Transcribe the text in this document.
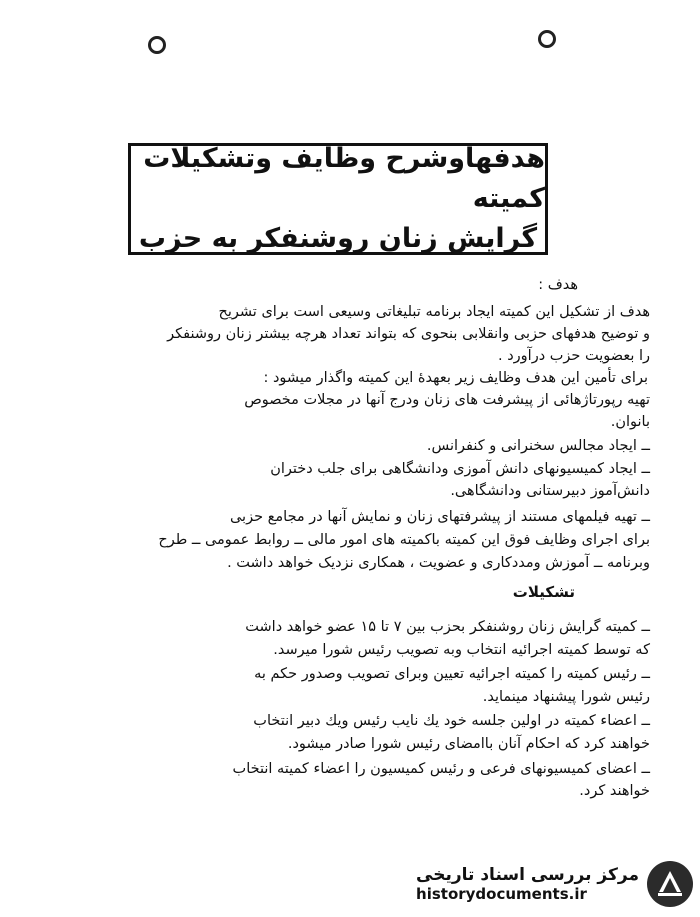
هدفهاوشرح وظایف وتشکیلات کمیته
گرایش زنان روشنفکر به حزب
هدف :
هدف از تشکیل این کمیته ایجاد برنامه تبلیغاتی وسیعی است برای تشریح
و توضیح هدفهای حزبی وانقلابی بنحوی که بتواند تعداد هرچه بیشتر زنان روشنفکر
را بعضویت حزب درآورد .
برای تأمین این هدف وظایف زیر بعهدهٔ این کمیته واگذار میشود :
تهیه رپورتاژهائی از پیشرفت های زنان ودرج آنها در مجلات مخصوص
بانوان.
ــ ایجاد مجالس سخنرانی و کنفرانس.
ــ ایجاد کمیسیونهای دانش آموزی ودانشگاهی برای جلب دختران
دانش‌آموز دبیرستانی ودانشگاهی.
ــ تهیه فیلمهای مستند از پیشرفتهای زنان و نمایش آنها در مجامع حزبی
برای اجرای وظایف فوق این کمیته باکمیته های امور مالی ــ روابط عمومی ــ طرح
وبرنامه ــ آموزش ومددکاری و عضویت ، همکاری نزدیک خواهد داشت .
تشکیلات
ــ کمیته گرایش زنان روشنفکر بحزب بین ۷ تا ۱۵ عضو خواهد داشت
که توسط کمیته اجرائیه انتخاب وبه تصویب رئیس شورا میرسد.
ــ رئیس کمیته را کمیته اجرائیه تعیین وبرای تصویب وصدور حکم به
رئیس شورا پیشنهاد مینماید.
ــ اعضاء کمیته در اولین جلسه خود یك نایب رئیس ویك دبیر انتخاب
خواهند کرد که احکام آنان باامضای رئیس شورا صادر میشود.
ــ اعضای کمیسیونهای فرعی و رئیس کمیسیون را اعضاء کمیته انتخاب
خواهند کرد.
مرکز بررسی اسناد تاریخی
historydocuments.ir
